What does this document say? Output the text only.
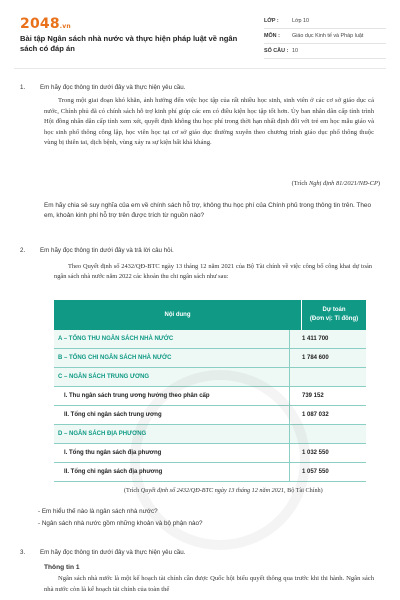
2048.vn
Bài tập Ngân sách nhà nước và thực hiện pháp luật về ngân sách có đáp án
LỚP :	Lớp 10
MÔN :	Giáo dục Kinh tế và Pháp luật
SỐ CÂU : 10
1. Em hãy đọc thông tin dưới đây và thực hiện yêu cầu.

Trong một giai đoạn khó khăn, ảnh hưởng đến việc học tập của rất nhiều học sinh, sinh viên ở các cơ sở giáo dục cả nước, Chính phủ đã có chính sách hỗ trợ kinh phí giúp các em có điều kiện học tập tốt hơn. Ủy ban nhân dân cấp tỉnh trình Hội đồng nhân dân cấp tỉnh xem xét, quyết định không thu học phí trong thời hạn nhất định đối với trẻ em học mẫu giáo và học sinh phổ thông công lập, học viên học tại cơ sở giáo dục thường xuyên theo chương trình giáo dục phổ thông thuộc vùng bị thiên tai, dịch bệnh, vùng xảy ra sự kiện bất khả kháng.

(Trích Nghị định 81/2021/NĐ-CP)
Em hãy chia sẻ suy nghĩa của em về chính sách hỗ trợ, không thu học phí của Chính phủ trong thông tin trên. Theo em, khoản kinh phí hỗ trợ trên được trích từ nguồn nào?
2. Em hãy đọc thông tin dưới đây và trả lời câu hỏi.

Theo Quyết định số 2432/QĐ-BTC ngày 13 tháng 12 năm 2021 của Bộ Tài chính về việc công bố công khai dự toán ngân sách nhà nước năm 2022 các khoản thu chi ngân sách như sau:

Nội dung
Dự toán
(Đơn vị: Tỉ đồng)
A – TỔNG THU NGÂN SÁCH NHÀ NƯỚC	1 411 700
B – TỔNG CHI NGÂN SÁCH NHÀ NƯỚC	1 784 600
C – NGÂN SÁCH TRUNG ƯƠNG
I. Thu ngân sách trung ương hưởng theo phân cấp	739 152
II. Tổng chi ngân sách trung ương	1 087 032
D – NGÂN SÁCH ĐỊA PHƯƠNG
I. Tổng thu ngân sách địa phương	1 032 550
II. Tổng chi ngân sách địa phương	1 057 550
(Trích Quyết định số 2432/QĐ-BTC ngày 13 tháng 12 năm 2021, Bộ Tài Chính)
- Em hiểu thế nào là ngân sách nhà nước?
- Ngân sách nhà nước gồm những khoản và bộ phận nào?
3. Em hãy đọc thông tin dưới đây và thực hiện yêu cầu.
Thông tin 1

Ngân sách nhà nước là một kế hoạch tài chính cần được Quốc hội biểu quyết thông qua trước khi thi hành. Ngân sách nhà nước còn là kế hoạch tài chính của toàn thể
